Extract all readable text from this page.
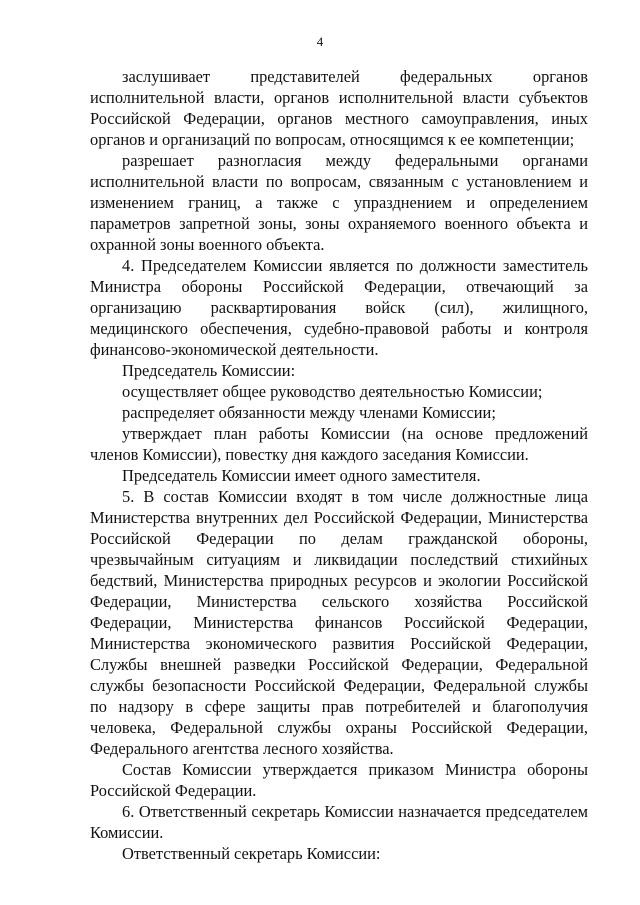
4

заслушивает представителей федеральных органов исполнительной власти, органов исполнительной власти субъектов Российской Федерации, органов местного самоуправления, иных органов и организаций по вопросам, относящимся к ее компетенции;

разрешает разногласия между федеральными органами исполнительной власти по вопросам, связанным с установлением и изменением границ, а также с упразднением и определением параметров запретной зоны, зоны охраняемого военного объекта и охранной зоны военного объекта.

4. Председателем Комиссии является по должности заместитель Министра обороны Российской Федерации, отвечающий за организацию расквартирования войск (сил), жилищного, медицинского обеспечения, судебно-правовой работы и контроля финансово-экономической деятельности.

Председатель Комиссии:

осуществляет общее руководство деятельностью Комиссии;

распределяет обязанности между членами Комиссии;

утверждает план работы Комиссии (на основе предложений членов Комиссии), повестку дня каждого заседания Комиссии.

Председатель Комиссии имеет одного заместителя.

5. В состав Комиссии входят в том числе должностные лица Министерства внутренних дел Российской Федерации, Министерства Российской Федерации по делам гражданской обороны, чрезвычайным ситуациям и ликвидации последствий стихийных бедствий, Министерства природных ресурсов и экологии Российской Федерации, Министерства сельского хозяйства Российской Федерации, Министерства финансов Российской Федерации, Министерства экономического развития Российской Федерации, Службы внешней разведки Российской Федерации, Федеральной службы безопасности Российской Федерации, Федеральной службы по надзору в сфере защиты прав потребителей и благополучия человека, Федеральной службы охраны Российской Федерации, Федерального агентства лесного хозяйства.

Состав Комиссии утверждается приказом Министра обороны Российской Федерации.

6. Ответственный секретарь Комиссии назначается председателем Комиссии.

Ответственный секретарь Комиссии:
